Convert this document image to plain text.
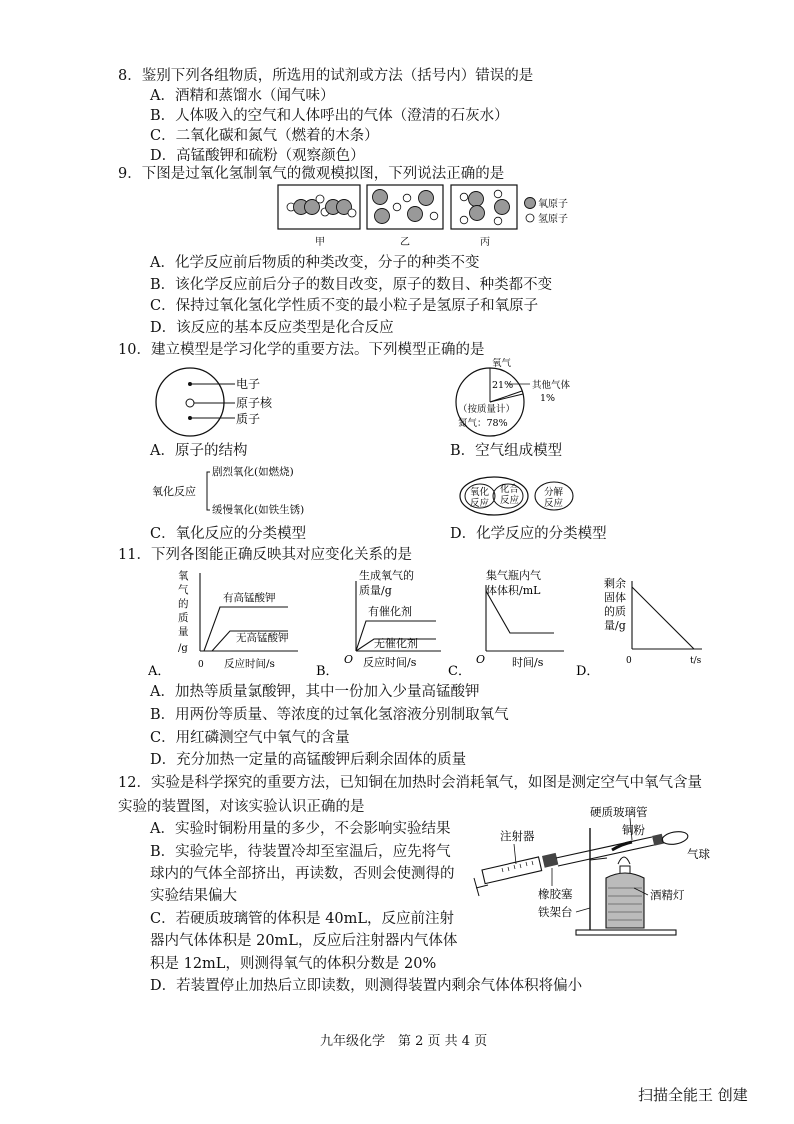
8．鉴别下列各组物质，所选用的试剂或方法（括号内）错误的是
A．酒精和蒸馏水（闻气味）
B．人体吸入的空气和人体呼出的气体（澄清的石灰水）
C．二氧化碳和氮气（燃着的木条）
D．高锰酸钾和硫粉（观察颜色）
9．下图是过氧化氢制氧气的微观模拟图，下列说法正确的是
氧原子
氢原子
甲	乙	丙
A．化学反应前后物质的种类改变，分子的种类不变
B．该化学反应前后分子的数目改变，原子的数目、种类都不变
C．保持过氧化氢化学性质不变的最小粒子是氢原子和氧原子
D．该反应的基本反应类型是化合反应
10．建立模型是学习化学的重要方法。下列模型正确的是
电子
原子核
质子
氧气
21% 其他气体
1%
（按质量计）
氮气：78%
A．原子的结构	B．空气组成模型
氧化反应
剧烈氧化(如燃烧)
缓慢氧化(如铁生锈)
氧化
反应
化合
反应
分解
反应
C．氧化反应的分类模型	D．化学反应的分类模型
11．下列各图能正确反映其对应变化关系的是
氧
气
的
质
量
/g
有高锰酸钾
无高锰酸钾
0 反应时间/s
A．
生成氧气的
质量/g
有催化剂
无催化剂
O 反应时间/s
B．
集气瓶内气
体体积/mL
O 时间/s
C．
剩余
固体
的质
量/g
0	t/s
D．
A．加热等质量氯酸钾，其中一份加入少量高锰酸钾
B．用两份等质量、等浓度的过氧化氢溶液分别制取氧气
C．用红磷测空气中氧气的含量
D．充分加热一定量的高锰酸钾后剩余固体的质量
12．实验是科学探究的重要方法，已知铜在加热时会消耗氧气，如图是测定空气中氧气含量
实验的装置图，对该实验认识正确的是
A．实验时铜粉用量的多少，不会影响实验结果
B．实验完毕，待装置冷却至室温后，应先将气
球内的气体全部挤出，再读数，否则会使测得的
实验结果偏大
C．若硬质玻璃管的体积是 40mL，反应前注射
器内气体体积是 20mL，反应后注射器内气体体
积是 12mL，则测得氧气的体积分数是 20%
D．若装置停止加热后立即读数，则测得装置内剩余气体体积将偏小
硬质玻璃管
铜粉
注射器
气球
橡胶塞	酒精灯
铁架台
九年级化学　第 2 页 共 4 页
扫描全能王 创建
